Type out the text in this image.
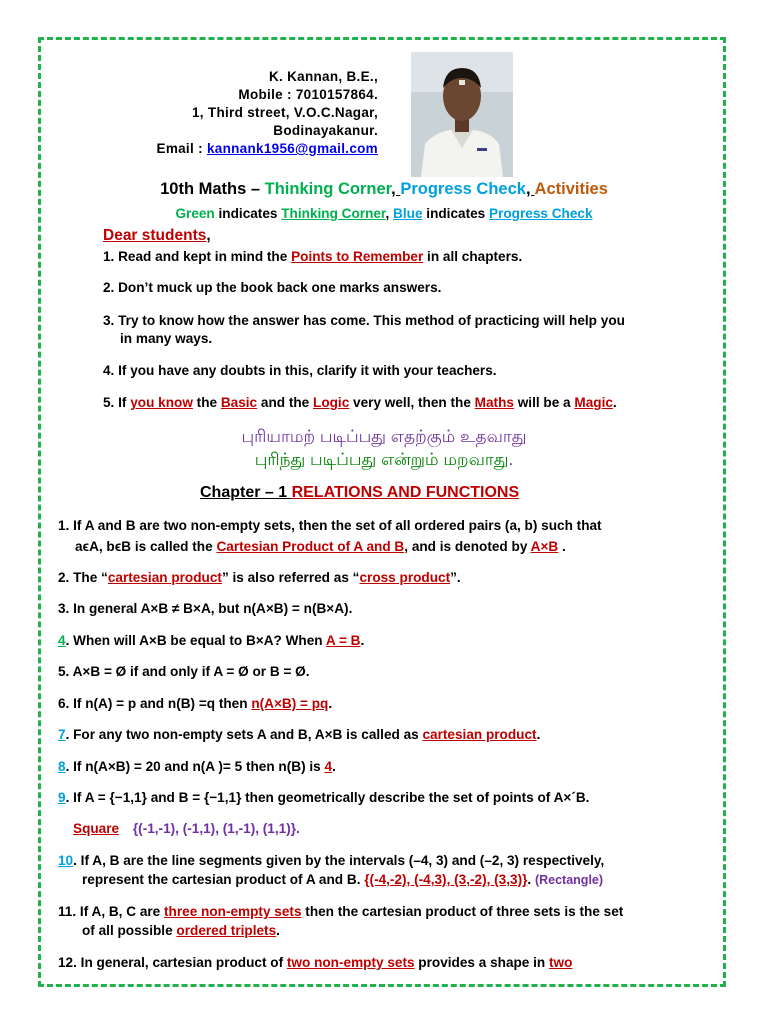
K. Kannan, B.E.,
Mobile : 7010157864.
1, Third street, V.O.C.Nagar,
Bodinayakanur.
Email : kannank1956@gmail.com
10th Maths – Thinking Corner, Progress Check, Activities
Green indicates Thinking Corner, Blue indicates Progress Check
Dear students,
1. Read and kept in mind the Points to Remember in all chapters.
2. Don’t muck up the book back one marks answers.
3. Try to know how the answer has come. This method of practicing will help you
in many ways.
4. If you have any doubts in this, clarify it with your teachers.
5. If you know the Basic and the Logic very well, then the Maths will be a Magic.
புரியாமற் படிப்பது எதற்கும் உதவாது
புரிந்து படிப்பது என்றும் மறவாது.
Chapter – 1 RELATIONS AND FUNCTIONS
1. If A and B are two non-empty sets, then the set of all ordered pairs (a, b) such that
aϵA, bϵB is called the Cartesian Product of A and B, and is denoted by A×B .
2. The “cartesian product” is also referred as “cross product”.
3. In general A×B ≠ B×A, but n(A×B) = n(B×A).
4. When will A×B be equal to B×A? When A = B.
5. A×B = Ø if and only if A = Ø or B = Ø.
6. If n(A) = p and n(B) =q then n(A×B) = pq.
7. For any two non-empty sets A and B, A×B is called as cartesian product.
8. If n(A×B) = 20 and n(A )= 5 then n(B) is 4.
9. If A = {−1,1} and B = {−1,1} then geometrically describe the set of points of A×´B.
Square {(-1,-1), (-1,1), (1,-1), (1,1)}.
10. If A, B are the line segments given by the intervals (–4, 3) and (–2, 3) respectively,
represent the cartesian product of A and B. {(-4,-2), (-4,3), (3,-2), (3,3)}. (Rectangle)
11. If A, B, C are three non-empty sets then the cartesian product of three sets is the set
of all possible ordered triplets.
12. In general, cartesian product of two non-empty sets provides a shape in two
